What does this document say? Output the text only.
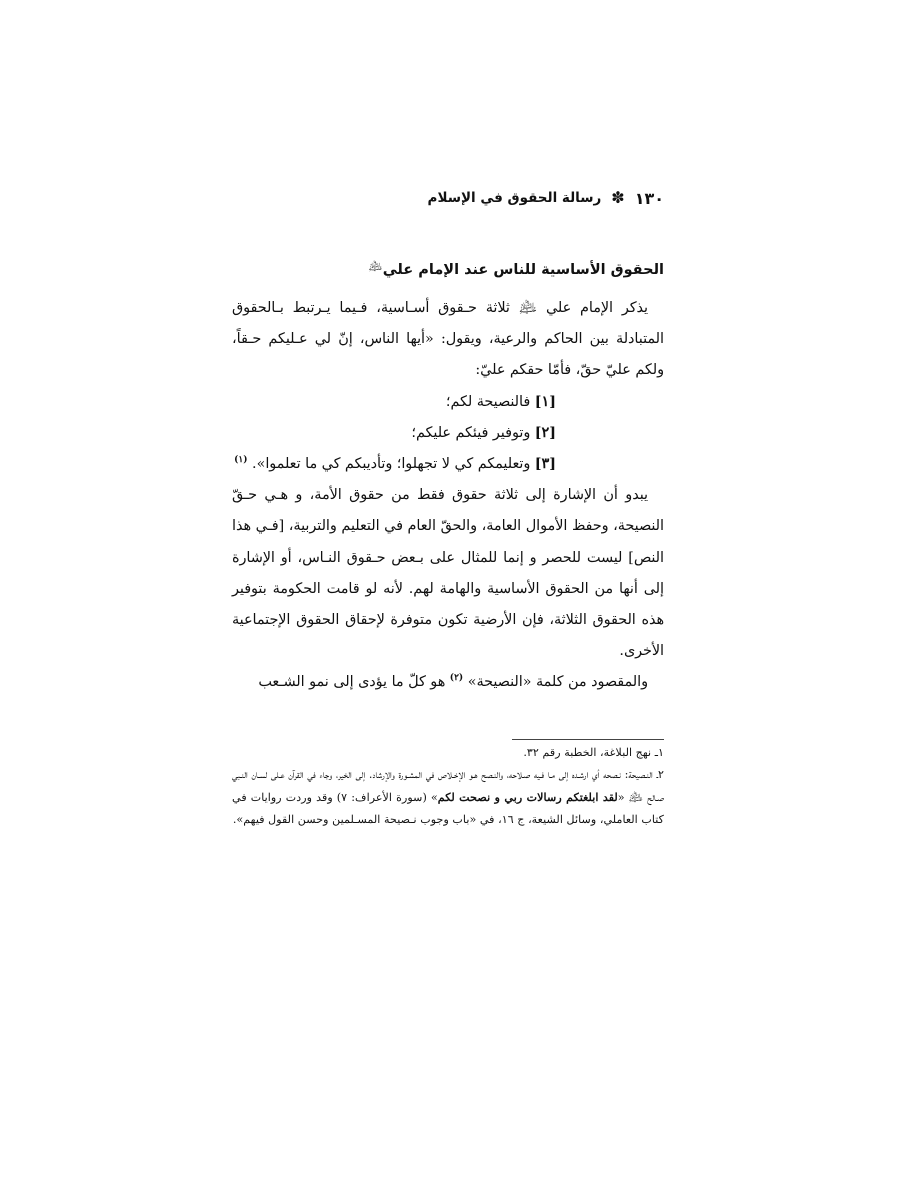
١٣٠
✽
رسالة الحقوق في الإسلام
الحقوق الأساسية للناس عند الإمام علي﵇

يذكر الإمام علي ﵇ ثلاثة حـقوق أسـاسية، فـيما يـرتبط بـالحقوق المتبادلة بين الحاكم والرعية، ويقول: «أيها الناس، إنّ لي عـليكم حـقاً، ولكم عليّ حقّ، فأمّا حقكم عليّ:

[١] فالنصيحة لكم؛

[٢] وتوفير فيئكم عليكم؛

[٣] وتعليمكم كي لا تجهلوا؛ وتأديبكم كي ما تعلموا». $^{(١)}$

يبدو أن الإشارة إلى ثلاثة حقوق فقط من حقوق الأمة، و هـي حـقّ النصيحة، وحفظ الأموال العامة، والحقّ العام في التعليم والتربية، [فـي هذا النص] ليست للحصر و إنما للمثال على بـعض حـقوق النـاس، أو الإشارة إلى أنها من الحقوق الأساسية والهامة لهم. لأنه لو قامت الحكومة بتوفير هذه الحقوق الثلاثة، فإن الأرضية تكون متوفرة لإحقاق الحقوق الإجتماعية الأخرى.

والمقصود من كلمة «النصيحة» $^{(٢)}$ هو كلّ ما يؤدى إلى نمو الشـعب

١ـ نهج البلاغة، الخطبة رقم ٣٢.

٢ـ النـصيحة: نـصحه أي ارشـده إلى مـا فـيه صـلاحه، والنـصح هـو الإخـلاص في المشـورة والإرشاد. إلى الخير، وجاء في القرآن عـلى لسـان النـبي صـالح ﵇ «لقد ابلغتكم رسالات ربي و نصحت لكم» (سورة الأعراف: ٧) وقد وردت روايات في كتاب العاملي، وسائل الشيعة، ج ١٦، في «باب وجوب نـصيحة المسـلمين وحسن القول فيهم».
